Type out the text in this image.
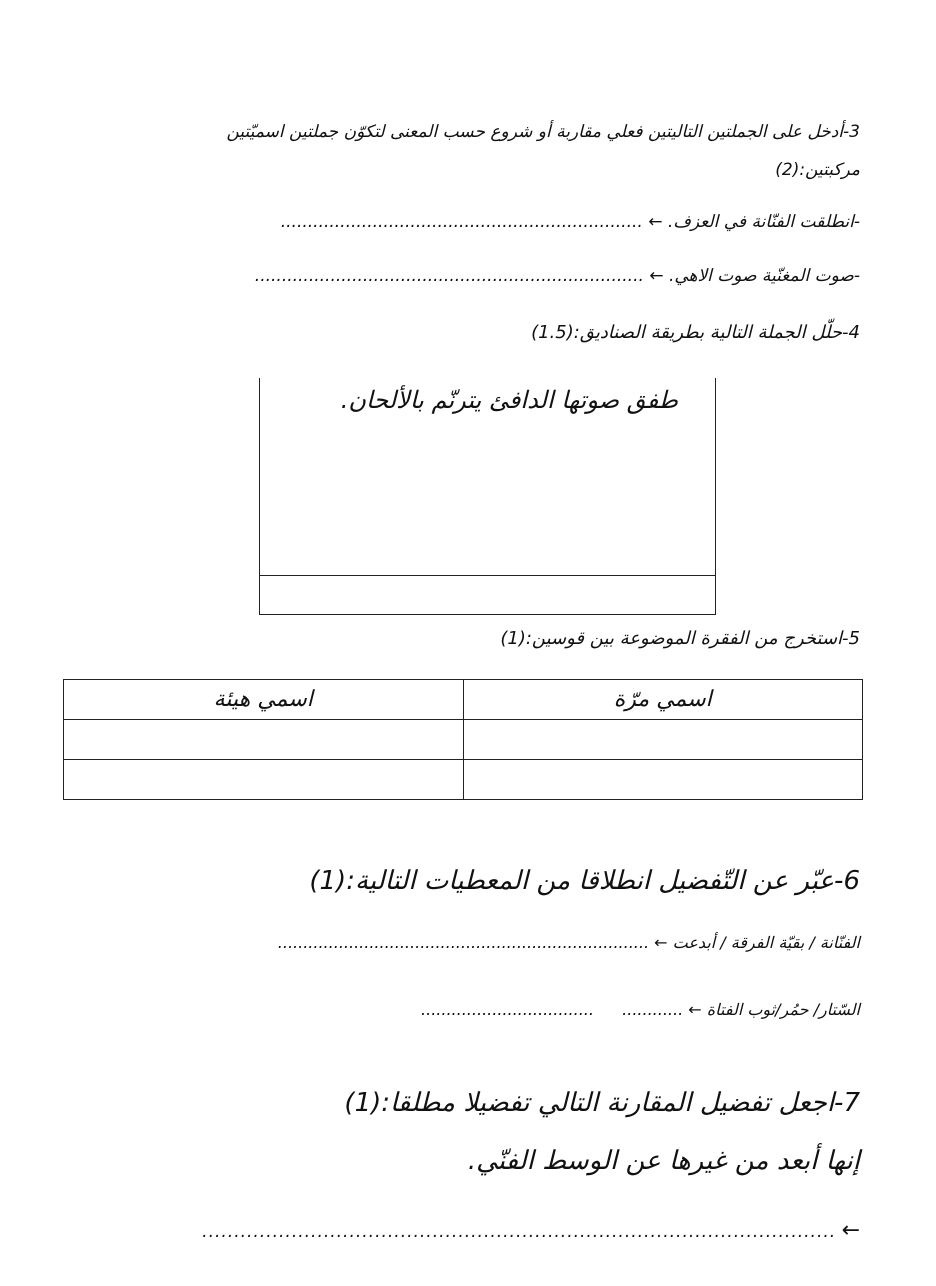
3-أدخل على الجملتين التاليتين فعلي مقاربة أو شروع حسب المعنى لتكوّن جملتين اسميّتين
مركبتين:(2)
-انطلقت الفنّانة في العزف. ← ...................................................................
-صوت المغنّية صوت الاهي. ← ........................................................................
4-حلّل الجملة التالية بطريقة الصناديق:(1.5)
طفق صوتها الدافئ يترنّم بالألحان.
5-استخرج من الفقرة الموضوعة بين قوسين:(1)
اسمي مرّة	اسمي هيئة

6-عبّر عن التّفضيل انطلاقا من المعطيات التالية:(1)
الفنّانة / بقيّة الفرقة / أبدعت ← .........................................................................
السّتار/ حمُر/ثوب الفتاة ← ............  ..................................
7-اجعل تفضيل المقارنة التالي تفضيلا مطلقا:(1)
إنها أبعد من غيرها عن الوسط الفنّي.
← ...................................................................................................
